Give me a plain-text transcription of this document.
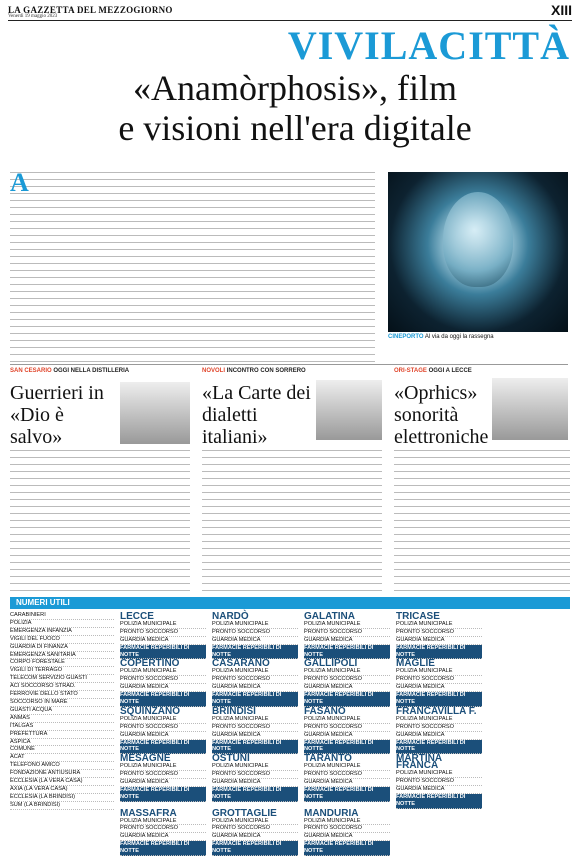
LA GAZZETTA DEL MEZZOGIORNO
Venerdì 19 maggio 2023	XIII
VIVILACITTÀ
«Anamòrphosis», film
e visioni nell'era digitale
A
CINEPORTO Al via da oggi la rassegna
SAN CESARIO OGGI NELLA DISTILLERIA
Guerrieri in «Dio è salvo»
NOVOLI INCONTRO CON SORRERO
«La Carte dei dialetti italiani»
ORI-STAGE OGGI A LECCE
«Oprhics» sonorità elettroniche
NUMERI UTILI
CARABINIERI
POLIZIA
EMERGENZA INFANZIA
VIGILI DEL FUOCO
GUARDIA DI FINANZA
EMERGENZA SANITARIA
CORPO FORESTALE
VIGILI DI TERRAGO
TELECOM SERVIZIO GUASTI
ACI SOCCORSO STRAD.
FERROVIE DELLO STATO
SOCCORSO IN MARE
GUASTI ACQUA
ANMAS
ITALGAS
PREFETTURA
ASPICA
COMUNE
ACAT
TELEFONO AMICO
FONDAZIONE ANTIUSURA
ECCLESIA (LA VERA CASA)
AXIA (LA VERA CASA)
ECCLESIA (LA BRINDISI)
SUM (LA BRINDISI)
LECCE
POLIZIA MUNICIPALE
PRONTO SOCCORSO
GUARDIA MEDICA
FARMACIE REPERIBILI DI NOTTE
NARDÒ
POLIZIA MUNICIPALE
PRONTO SOCCORSO
GUARDIA MEDICA
FARMACIE REPERIBILI DI NOTTE
GALATINA
POLIZIA MUNICIPALE
PRONTO SOCCORSO
GUARDIA MEDICA
FARMACIE REPERIBILI DI NOTTE
TRICASE
POLIZIA MUNICIPALE
PRONTO SOCCORSO
GUARDIA MEDICA
FARMACIE REPERIBILI DI NOTTE
COPERTINO
POLIZIA MUNICIPALE
PRONTO SOCCORSO
GUARDIA MEDICA
FARMACIE REPERIBILI DI NOTTE
CASARANO
POLIZIA MUNICIPALE
PRONTO SOCCORSO
GUARDIA MEDICA
FARMACIE REPERIBILI DI NOTTE
GALLIPOLI
POLIZIA MUNICIPALE
PRONTO SOCCORSO
GUARDIA MEDICA
FARMACIE REPERIBILI DI NOTTE
MAGLIE
POLIZIA MUNICIPALE
PRONTO SOCCORSO
GUARDIA MEDICA
FARMACIE REPERIBILI DI NOTTE
SQUINZANO
POLIZIA MUNICIPALE
PRONTO SOCCORSO
GUARDIA MEDICA
FARMACIE REPERIBILI DI NOTTE
BRINDISI
POLIZIA MUNICIPALE
PRONTO SOCCORSO
GUARDIA MEDICA
FARMACIE REPERIBILI DI NOTTE
FASANO
POLIZIA MUNICIPALE
PRONTO SOCCORSO
GUARDIA MEDICA
FARMACIE REPERIBILI DI NOTTE
FRANCAVILLA F.
POLIZIA MUNICIPALE
PRONTO SOCCORSO
GUARDIA MEDICA
FARMACIE REPERIBILI DI NOTTE
MESAGNE
POLIZIA MUNICIPALE
PRONTO SOCCORSO
GUARDIA MEDICA
FARMACIE REPERIBILI DI NOTTE
OSTUNI
POLIZIA MUNICIPALE
PRONTO SOCCORSO
GUARDIA MEDICA
FARMACIE REPERIBILI DI NOTTE
TARANTO
POLIZIA MUNICIPALE
PRONTO SOCCORSO
GUARDIA MEDICA
FARMACIE REPERIBILI DI NOTTE
MARTINA FRANCA
POLIZIA MUNICIPALE
PRONTO SOCCORSO
GUARDIA MEDICA
FARMACIE REPERIBILI DI NOTTE
MASSAFRA
POLIZIA MUNICIPALE
PRONTO SOCCORSO
GUARDIA MEDICA
FARMACIE REPERIBILI DI NOTTE
GROTTAGLIE
POLIZIA MUNICIPALE
PRONTO SOCCORSO
GUARDIA MEDICA
FARMACIE REPERIBILI DI NOTTE
MANDURIA
POLIZIA MUNICIPALE
PRONTO SOCCORSO
GUARDIA MEDICA
FARMACIE REPERIBILI DI NOTTE
